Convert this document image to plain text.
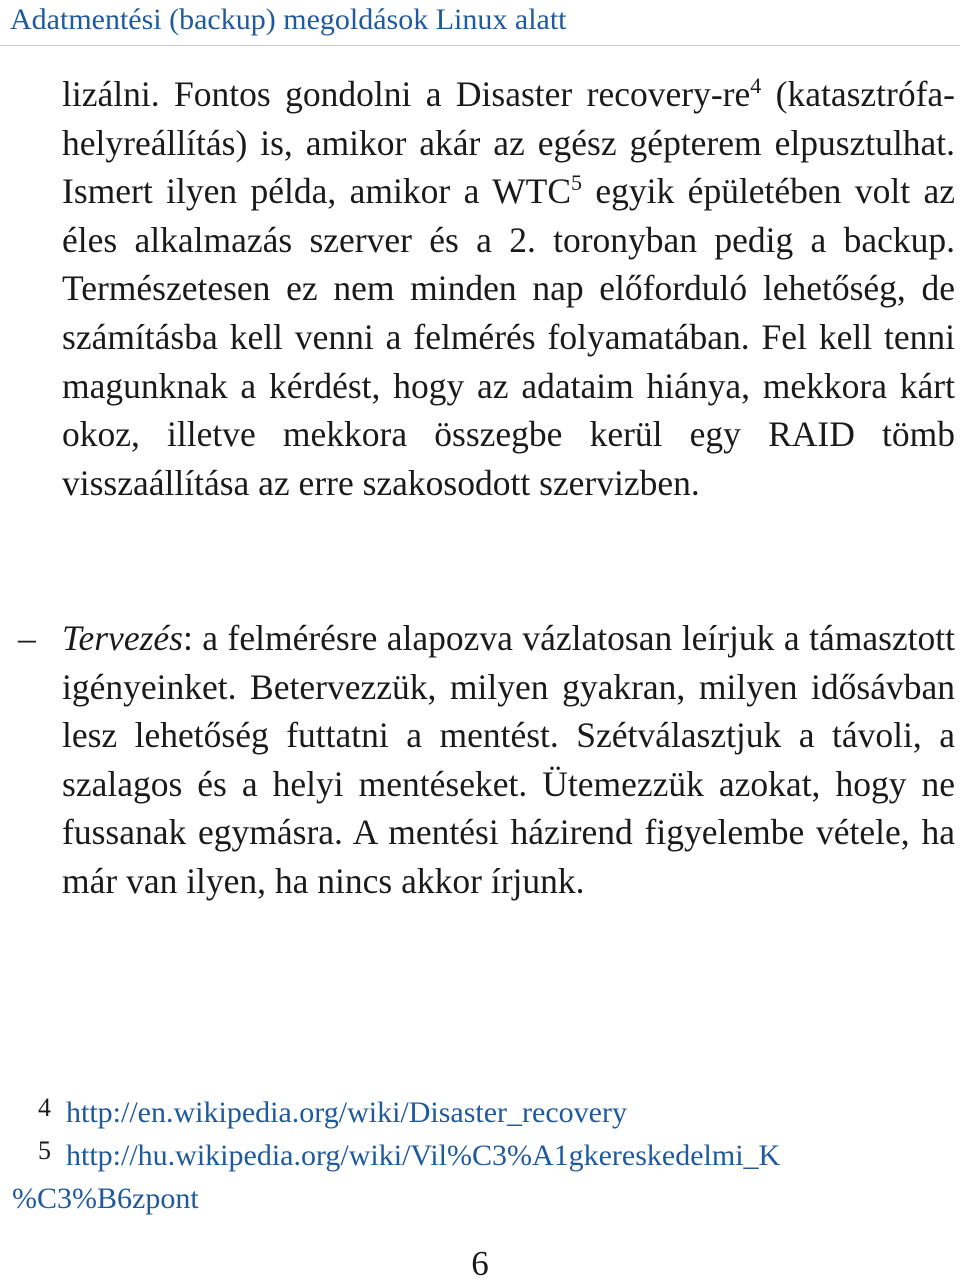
Adatmentési (backup) megoldások Linux alatt

lizálni. Fontos gondolni a Disaster recovery-re$^4$ (katasztrófa-helyreállítás) is, amikor akár az egész gépterem elpusztulhat. Ismert ilyen példa, amikor a WTC$^5$ egyik épületében volt az éles alkalmazás szerver és a 2. toronyban pedig a backup. Természetesen ez nem minden nap előforduló lehetőség, de számításba kell venni a felmérés folyamatában. Fel kell tenni magunknak a kérdést, hogy az adataim hiánya, mekkora kárt okoz, illetve mekkora összegbe kerül egy RAID tömb visszaállítása az erre szakosodott szervizben.

– Tervezés: a felmérésre alapozva vázlatosan leírjuk a támasztott igényeinket. Betervezzük, milyen gyakran, milyen idősávban lesz lehetőség futtatni a mentést. Szétválasztjuk a távoli, a szalagos és a helyi mentéseket. Ütemezzük azokat, hogy ne fussanak egymásra. A mentési házirend figyelembe vétele, ha már van ilyen, ha nincs akkor írjunk.

4 http://en.wikipedia.org/wiki/Disaster_recovery

5 http://hu.wikipedia.org/wiki/Vil%C3%A1gkereskedelmi_K

%C3%B6zpont

6
